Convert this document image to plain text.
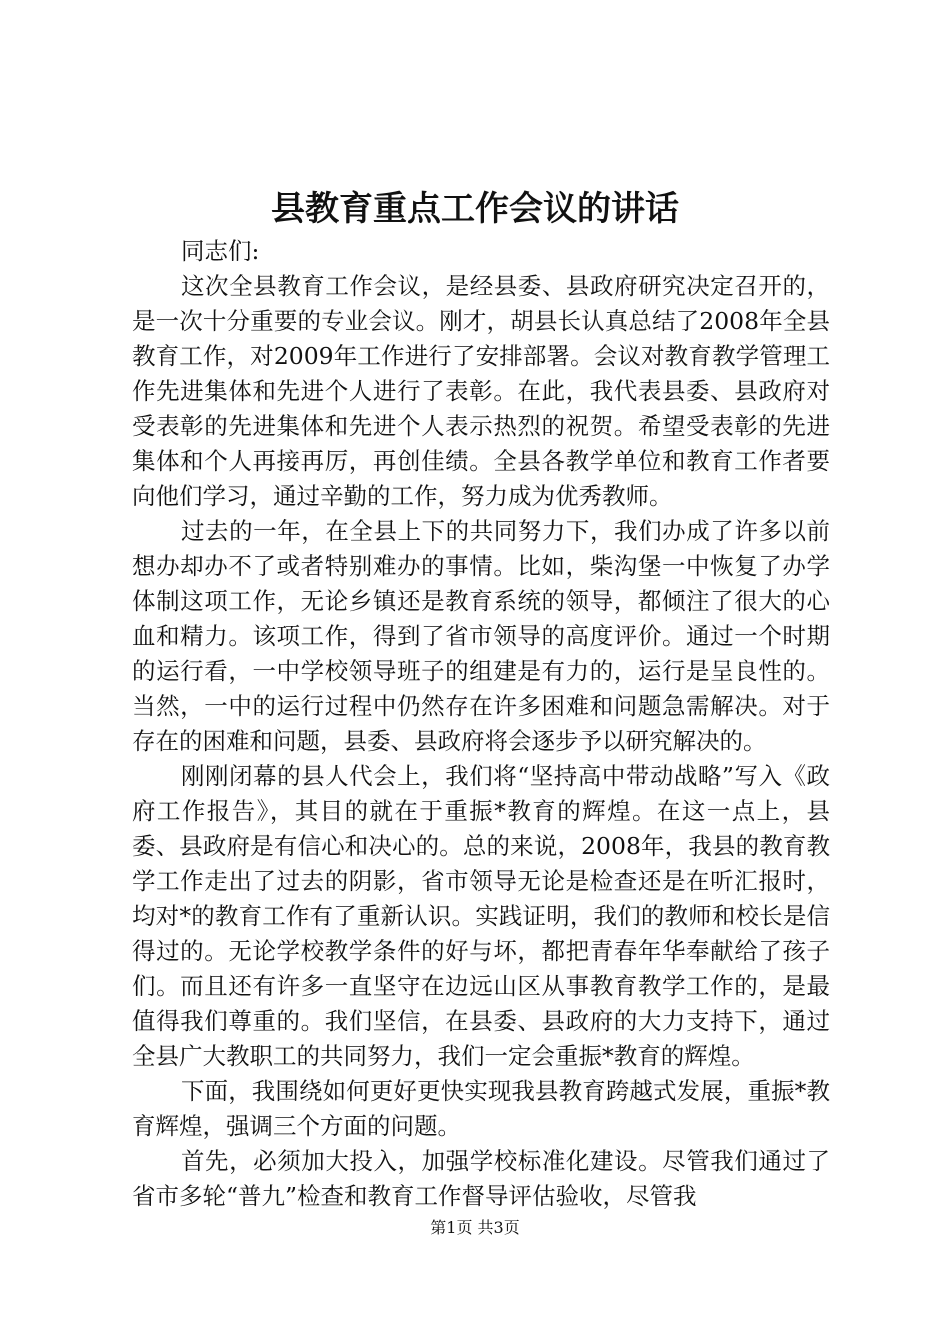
县教育重点工作会议的讲话

同志们:

这次全县教育工作会议，是经县委、县政府研究决定召开的，是一次十分重要的专业会议。刚才，胡县长认真总结了2008年全县教育工作，对2009年工作进行了安排部署。会议对教育教学管理工作先进集体和先进个人进行了表彰。在此，我代表县委、县政府对受表彰的先进集体和先进个人表示热烈的祝贺。希望受表彰的先进集体和个人再接再厉，再创佳绩。全县各教学单位和教育工作者要向他们学习，通过辛勤的工作，努力成为优秀教师。

过去的一年，在全县上下的共同努力下，我们办成了许多以前想办却办不了或者特别难办的事情。比如，柴沟堡一中恢复了办学体制这项工作，无论乡镇还是教育系统的领导，都倾注了很大的心血和精力。该项工作，得到了省市领导的高度评价。通过一个时期的运行看，一中学校领导班子的组建是有力的，运行是呈良性的。当然，一中的运行过程中仍然存在许多困难和问题急需解决。对于存在的困难和问题，县委、县政府将会逐步予以研究解决的。

刚刚闭幕的县人代会上，我们将“坚持高中带动战略”写入《政府工作报告》，其目的就在于重振*教育的辉煌。在这一点上，县委、县政府是有信心和决心的。总的来说，2008年，我县的教育教学工作走出了过去的阴影，省市领导无论是检查还是在听汇报时，均对*的教育工作有了重新认识。实践证明，我们的教师和校长是信得过的。无论学校教学条件的好与坏，都把青春年华奉献给了孩子们。而且还有许多一直坚守在边远山区从事教育教学工作的，是最值得我们尊重的。我们坚信，在县委、县政府的大力支持下，通过全县广大教职工的共同努力，我们一定会重振*教育的辉煌。

下面，我围绕如何更好更快实现我县教育跨越式发展，重振*教育辉煌，强调三个方面的问题。

首先，必须加大投入，加强学校标准化建设。尽管我们通过了省市多轮“普九”检查和教育工作督导评估验收，尽管我

第1页 共3页
